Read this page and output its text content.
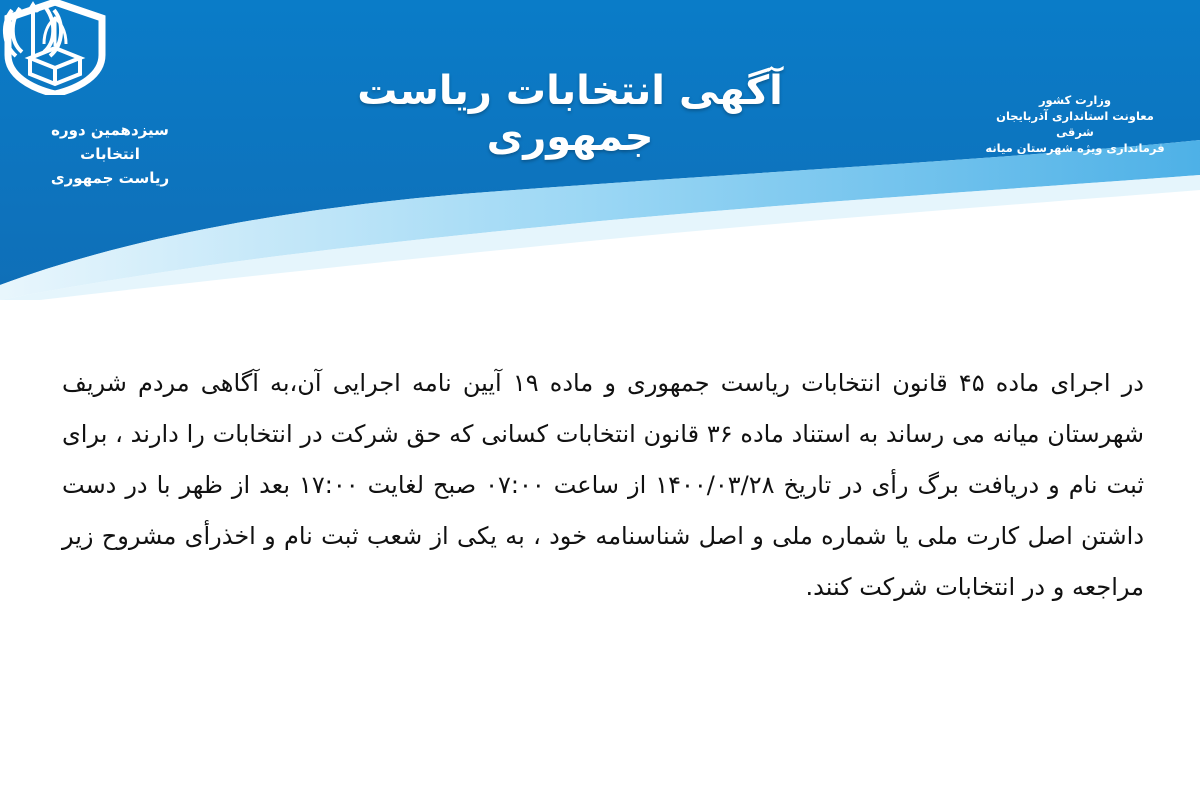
سیزدهمین دوره انتخابات
ریاست جمهوری
آگهی انتخابات ریاست جمهوری
وزارت کشور
معاونت استانداری آذربایجان شرقی
فرمانداری ویژه شهرستان میانه
در اجرای ماده ۴۵ قانون انتخابات ریاست جمهوری و ماده ۱۹ آیین نامه اجرایی آن،به آگاهی مردم شریف شهرستان میانه می رساند به استناد ماده ۳۶ قانون انتخابات کسانی که حق شرکت در انتخابات را دارند ، برای ثبت نام و دریافت برگ رأی در تاریخ ۱۴۰۰/۰۳/۲۸ از ساعت ۰۷:۰۰ صبح لغایت ۱۷:۰۰ بعد از ظهر با در دست داشتن اصل کارت ملی یا شماره ملی و اصل شناسنامه خود ، به یکی از شعب ثبت نام و اخذرأی مشروح زیر مراجعه و در انتخابات شرکت کنند.
